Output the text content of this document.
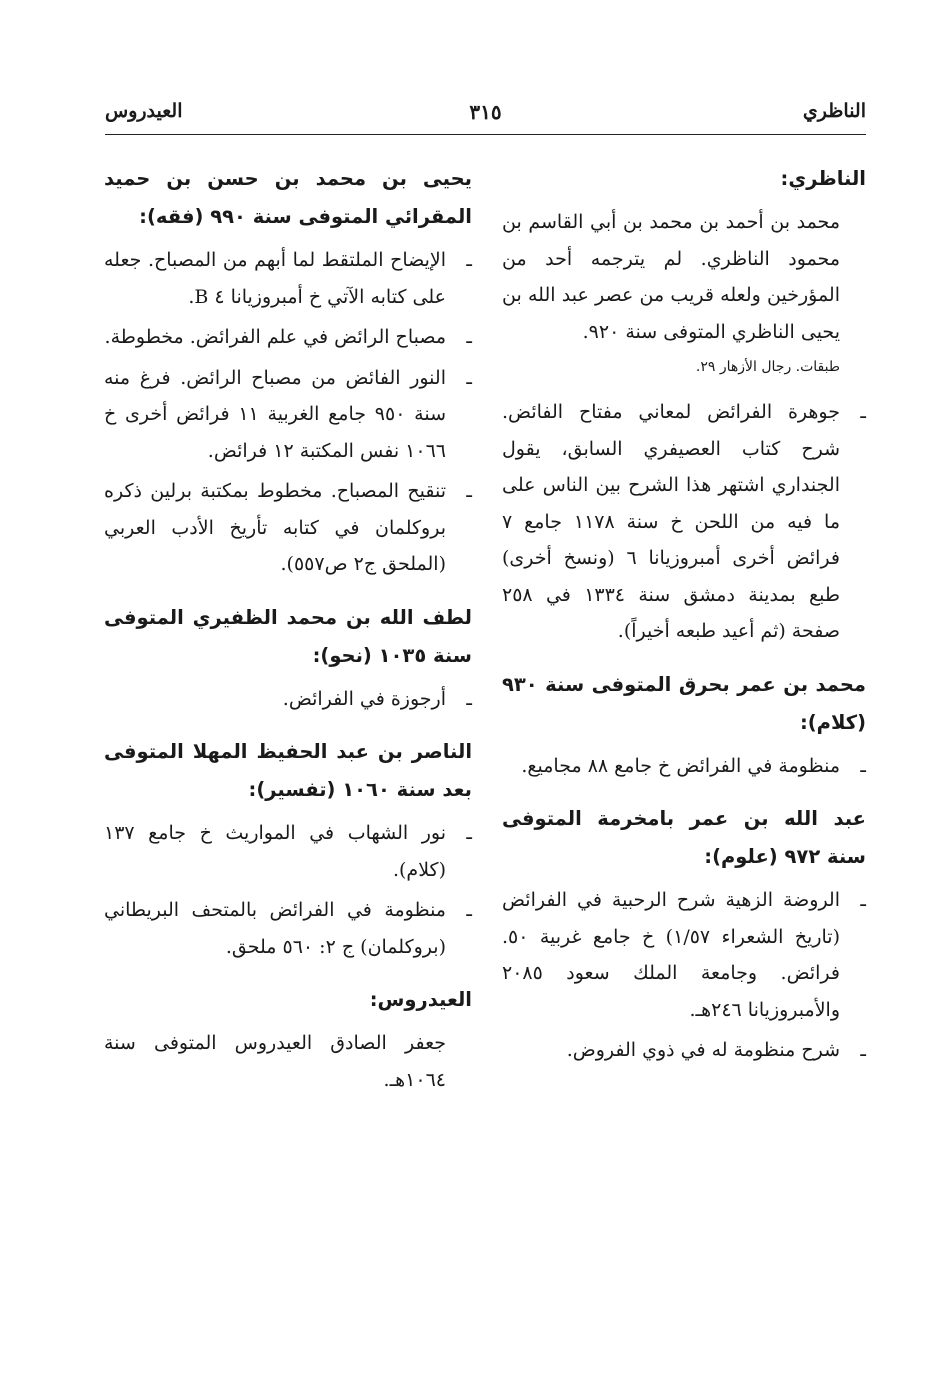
الناظري
٣١٥
العيدروس
الناظري:

محمد بن أحمد بن محمد بن أبي القاسم بن محمود الناظري. لم يترجمه أحد من المؤرخين ولعله قريب من عصر عبد الله بن يحيى الناظري المتوفى سنة ٩٢٠.

طبقات. رجال الأزهار ٢٩.

ـ
جوهرة الفرائض لمعاني مفتاح الفائض. شرح كتاب العصيفري السابق، يقول الجنداري اشتهر هذا الشرح بين الناس على ما فيه من اللحن خ سنة ١١٧٨ جامع ٧ فرائض أخرى أمبروزيانا ٦ (ونسخ أخرى) طبع بمدينة دمشق سنة ١٣٣٤ في ٢٥٨ صفحة (ثم أعيد طبعه أخيراً).
محمد بن عمر بحرق المتوفى سنة ٩٣٠ (كلام):
ـ
منظومة في الفرائض خ جامع ٨٨ مجاميع.
عبد الله بن عمر بامخرمة المتوفى سنة ٩٧٢ (علوم):
ـ
الروضة الزهية شرح الرحبية في الفرائض (تاريخ الشعراء ١/٥٧) خ جامع غربية ٥٠. فرائض. وجامعة الملك سعود ٢٠٨٥ والأمبروزيانا ٢٤٦هـ.
ـ
شرح منظومة له في ذوي الفروض.
يحيى بن محمد بن حسن بن حميد المقرائي المتوفى سنة ٩٩٠ (فقه):
ـ
الإيضاح الملتقط لما أبهم من المصباح. جعله على كتابه الآتي خ أمبروزيانا ٤ B.
ـ
مصباح الرائض في علم الفرائض. مخطوطة.
ـ
النور الفائض من مصباح الرائض. فرغ منه سنة ٩٥٠ جامع الغربية ١١ فرائض أخرى خ ١٠٦٦ نفس المكتبة ١٢ فرائض.
ـ
تنقيح المصباح. مخطوط بمكتبة برلين ذكره بروكلمان في كتابه تأريخ الأدب العربي (الملحق ج٢ ص٥٥٧).
لطف الله بن محمد الظفيري المتوفى سنة ١٠٣٥ (نحو):
ـ
أرجوزة في الفرائض.
الناصر بن عبد الحفيظ المهلا المتوفى بعد سنة ١٠٦٠ (تفسير):
ـ
نور الشهاب في المواريث خ جامع ١٣٧ (كلام).
ـ
منظومة في الفرائض بالمتحف البريطاني (بروكلمان) ج ٢: ٥٦٠ ملحق.
العيدروس:

جعفر الصادق العيدروس المتوفى سنة ١٠٦٤هـ.
